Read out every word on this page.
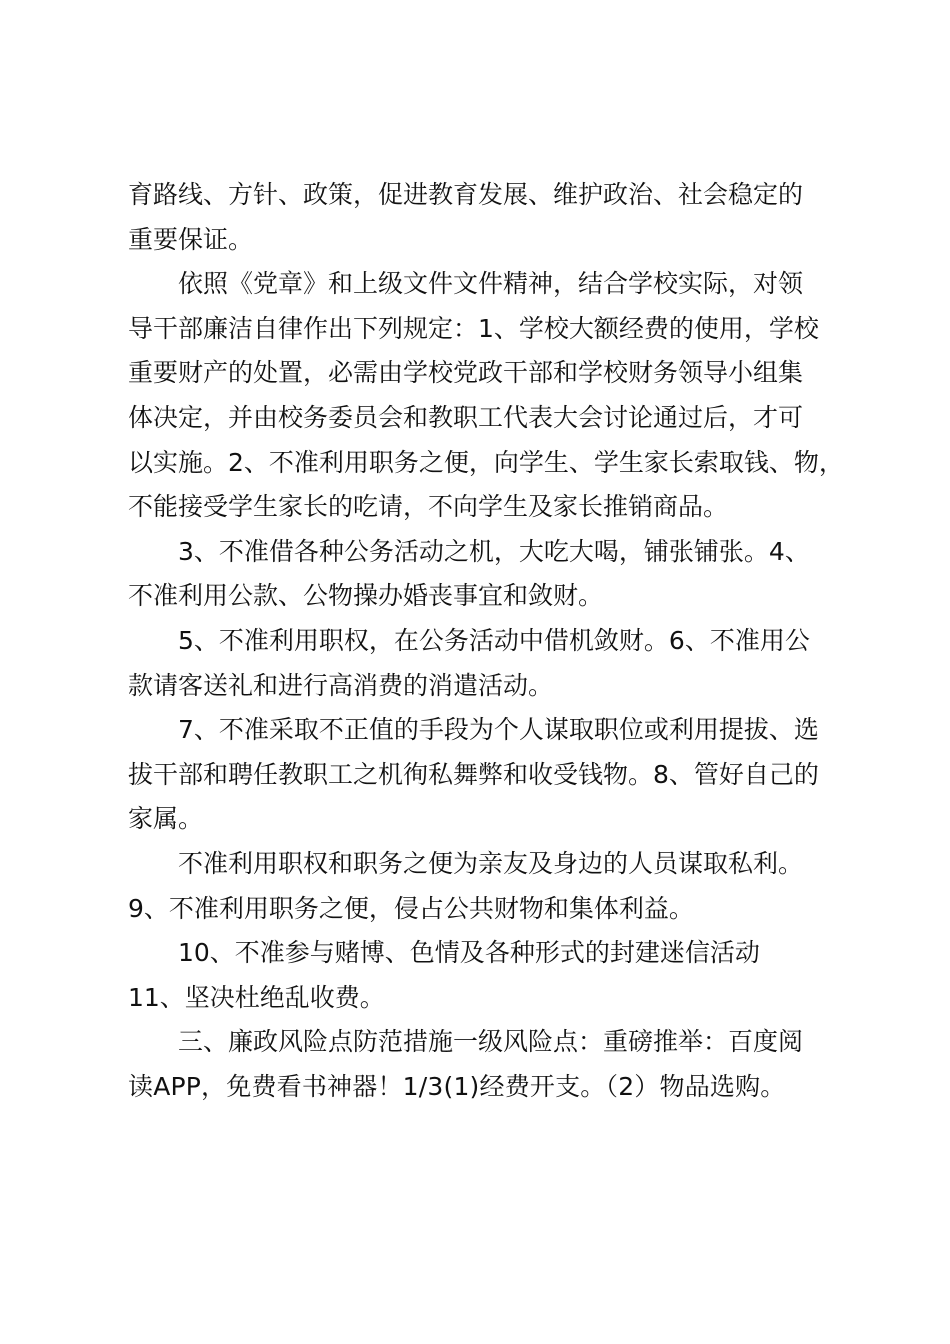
育路线、方针、政策，促进教育发展、维护政治、社会稳定的
重要保证。
依照《党章》和上级文件文件精神，结合学校实际，对领
导干部廉洁自律作出下列规定：1、学校大额经费的使用，学校
重要财产的处置，必需由学校党政干部和学校财务领导小组集
体决定，并由校务委员会和教职工代表大会讨论通过后，才可
以实施。2、不准利用职务之便，向学生、学生家长索取钱、物，
不能接受学生家长的吃请，不向学生及家长推销商品。
3、不准借各种公务活动之机，大吃大喝，铺张铺张。4、
不准利用公款、公物操办婚丧事宜和敛财。
5、不准利用职权，在公务活动中借机敛财。6、不准用公
款请客送礼和进行高消费的消遣活动。
7、不准采取不正值的手段为个人谋取职位或利用提拔、选
拔干部和聘任教职工之机徇私舞弊和收受钱物。8、管好自己的
家属。
不准利用职权和职务之便为亲友及身边的人员谋取私利。
9、不准利用职务之便，侵占公共财物和集体利益。
10、不准参与赌博、色情及各种形式的封建迷信活动
11、坚决杜绝乱收费。
三、廉政风险点防范措施一级风险点：重磅推举：百度阅
读APP，免费看书神器！1/3(1)经费开支。（2）物品选购。
